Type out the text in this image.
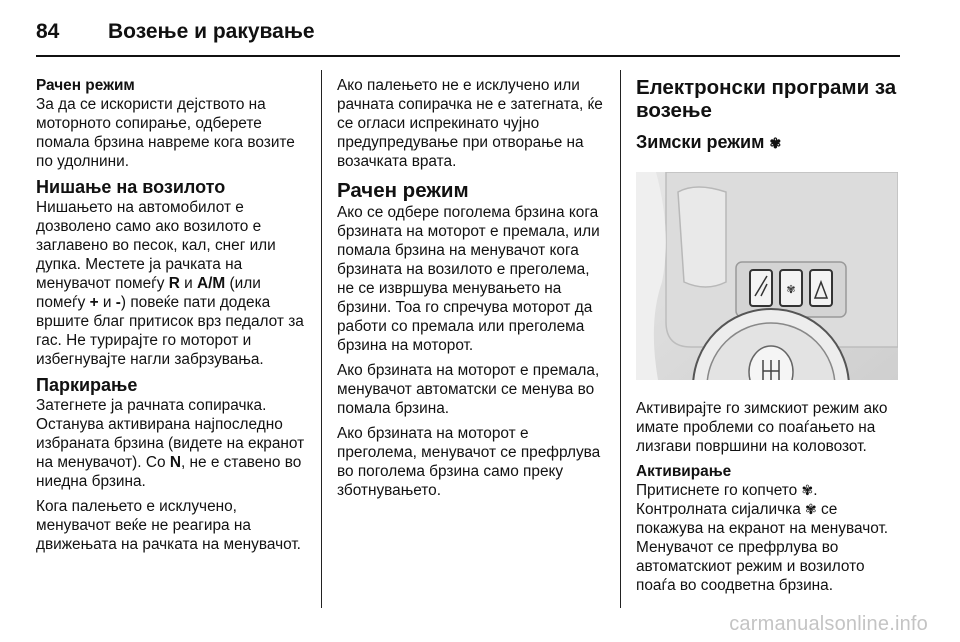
84	Возење и ракување
Рачен режим

За да се искористи дејството на моторното сопирање, одберете помала брзина навреме кога возите по удолнини.

Нишање на возилото

Нишањето на автомобилот е дозволено само ако возилото е заглавено во песок, кал, снег или дупка. Местете ја рачката на менувачот помеѓу R и A/M (или помеѓу + и -) повеќе пати додека вршите благ притисок врз педалот за гас. Не турирајте го моторот и избегнувајте нагли забрзувања.

Паркирање

Затегнете ја рачната сопирачка. Останува активирана најпоследно избраната брзина (видете на екранот на менувачот). Со N, не е ставено во ниедна брзина.

Кога палењето е исклучено, менувачот веќе не реагира на движењата на рачката на менувачот.

Ако палењето не е исклучено или рачната сопирачка не е затегната, ќе се огласи испрекинато чујно предупредување при отворање на возачката врата.

Рачен режим

Ако се одбере поголема брзина кога брзината на моторот е премала, или помала брзина на менувачот кога брзината на возилото е преголема, не се извршува менувањето на брзини. Тоа го спречува моторот да работи со премала или преголема брзина на моторот.

Ако брзината на моторот е премала, менувачот автоматски се менува во помала брзина.

Ако брзината на моторот е преголема, менувачот се префрлува во поголема брзина само преку зботнувањето.

Електронски програми за возење
Зимски режим ✾
✾

Активирајте го зимскиот режим ако имате проблеми со поаѓањето на лизгави површини на коловозот.

Активирање

Притиснете го копчето ✾.
Контролната сијаличка ✾ се покажува на екранот на менувачот. Менувачот се префрлува во автоматскиот режим и возилото поаѓа во соодветна брзина.

carmanualsonline.info
